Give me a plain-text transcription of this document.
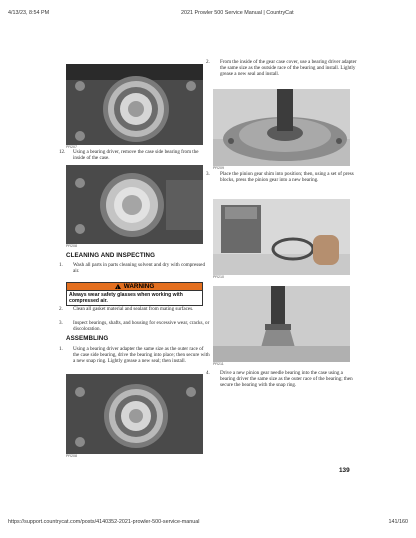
4/13/23, 8:54 PM	2021 Prowler 500 Service Manual | CountryCat
PR207
12. Using a bearing driver, remove the case side bearing from the inside of the case.
PR208
CLEANING AND INSPECTING
1. Wash all parts in parts cleaning solvent and dry with compressed air.
!
WARNING
Always wear safety glasses when working with compressed air.
2. Clean all gasket material and sealant from mating surfaces.
3. Inspect bearings, shafts, and housing for excessive wear, cracks, or discoloration.
ASSEMBLING
1. Using a bearing driver adapter the same size as the outer race of the case side bearing, drive the bearing into place; then secure with a new snap ring. Lightly grease a new seal; then install.
PR208
2. From the inside of the gear case cover, use a bearing driver adapter the same size as the outside race of the bearing and install. Lightly grease a new seal and install.
PR209
3. Place the pinion gear shim into position; then, using a set of press blocks, press the pinion gear into a new bearing.
PR210
PR211
4. Drive a new pinion gear needle bearing into the case using a bearing driver the same size as the outer race of the bearing; then secure the bearing with the snap ring.
139
https://support.countrycat.com/posts/4140352-2021-prowler-500-service-manual	141/160
